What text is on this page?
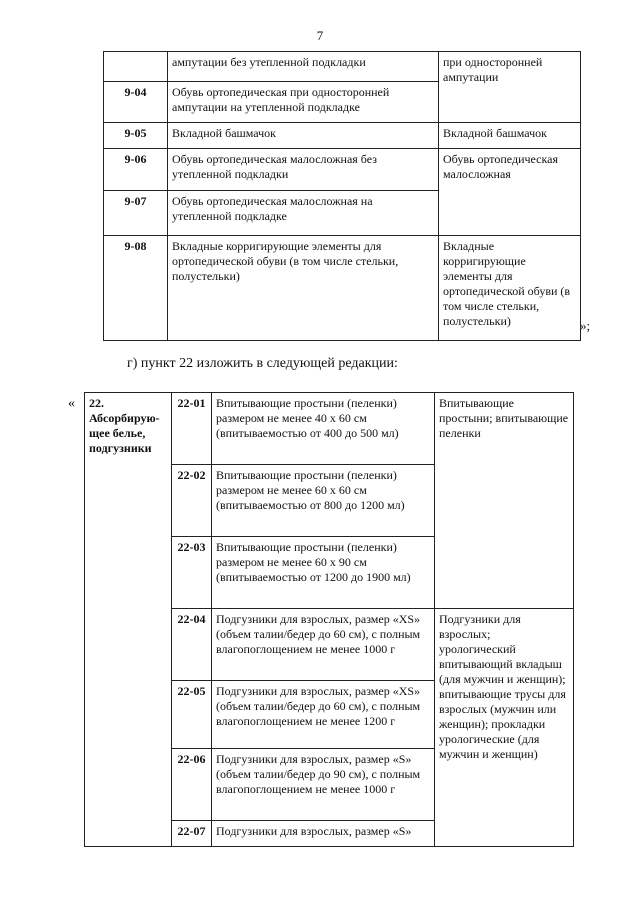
7
	ампутации без утепленной подкладки	при односторонней ампутации
9-04	Обувь ортопедическая при односторонней ампутации на утепленной подкладке	
9-05	Вкладной башмачок	Вкладной башмачок
9-06	Обувь ортопедическая малосложная без утепленной подкладки	Обувь ортопедическая малосложная
9-07	Обувь ортопедическая малосложная на утепленной подкладке	
9-08	Вкладные корригирующие элементы для ортопедической обуви (в том числе стельки, полустельки)	Вкладные корригирующие элементы для ортопедической обуви (в том числе стельки, полустельки)	»;
г) пункт 22 изложить в следующей редакции:
« 22. Абсорбирую-щее белье, подгузники	22-01	Впитывающие простыни (пеленки) размером не менее 40 х 60 см (впитываемостью от 400 до 500 мл)	Впитывающие простыни; впитывающие пеленки
	22-02	Впитывающие простыни (пеленки) размером не менее 60 х 60 см (впитываемостью от 800 до 1200 мл)	
	22-03	Впитывающие простыни (пеленки) размером не менее 60 х 90 см (впитываемостью от 1200 до 1900 мл)	
	22-04	Подгузники для взрослых, размер «XS» (объем талии/бедер до 60 см), с полным влагопоглощением не менее 1000 г	Подгузники для взрослых; урологический впитывающий вкладыш (для мужчин и женщин); впитывающие трусы для взрослых (мужчин или женщин); прокладки урологические (для мужчин и женщин)
	22-05	Подгузники для взрослых, размер «XS» (объем талии/бедер до 60 см), с полным влагопоглощением не менее 1200 г	
	22-06	Подгузники для взрослых, размер «S» (объем талии/бедер до 90 см), с полным влагопоглощением не менее 1000 г	
	22-07	Подгузники для взрослых, размер «S»	
